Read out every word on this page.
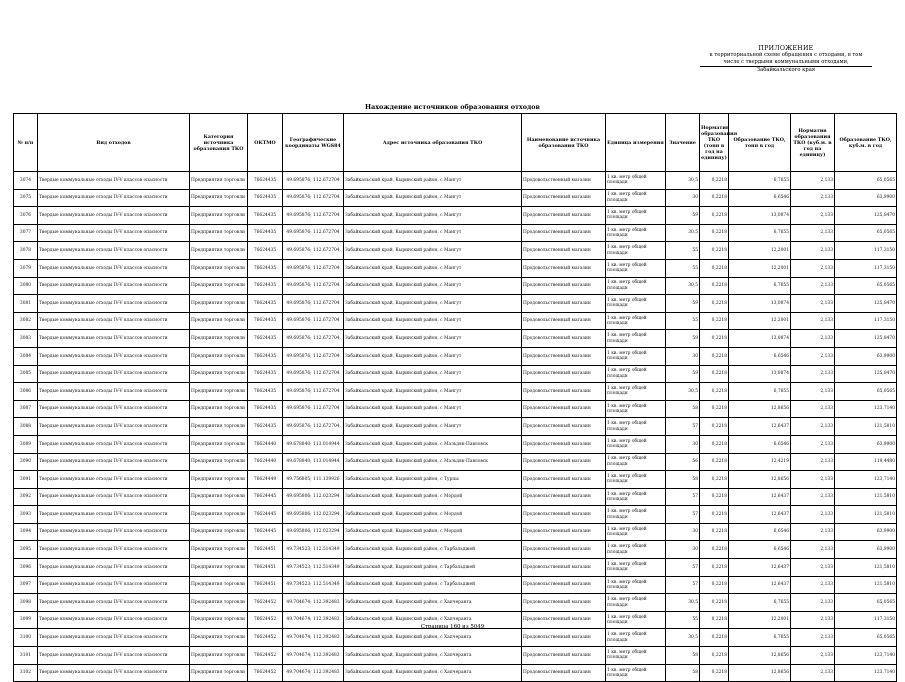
ПРИЛОЖЕНИЕ
к территориальной схеме обращения с отходами, в том
числе с твердыми коммунальными отходами,
Забайкальского края
Нахождение источников образования отходов
№ п/п	Вид отходов	Категория источника образования ТКО	OKTMO	Географические координаты WGS84	Адрес источника образования ТКО	Наименование источника образования ТКО	Единица измерения	Значение	Норматив образования ТКО (тонн в год на единицу)	Образование ТКО, тонн в год	Норматив образования ТКО (куб.м. в год на единицу)	Образование ТКО, куб.м. в год
3074	Твердые коммунальные отходы IV-V классов опасности	Предприятия торговли	76624435	49.695876; 112.672704	Забайкальский край, Кыринский район, с Мангут	Продовольственный магазин	1 кв. метр общей площади	30,5	0,2218	6,7655	2,133	65,0565
3075	Твердые коммунальные отходы IV-V классов опасности	Предприятия торговли	76624435	49.695876; 112.672704	Забайкальский край, Кыринский район, с Мангут	Продовольственный магазин	1 кв. метр общей площади	30	0,2218	6,6546	2,133	63,9900
3076	Твердые коммунальные отходы IV-V классов опасности	Предприятия торговли	76624435	49.695876; 112.672704	Забайкальский край, Кыринский район, с Мангут	Продовольственный магазин	1 кв. метр общей площади	59	0,2218	13,0874	2,133	125,8470
3077	Твердые коммунальные отходы IV-V классов опасности	Предприятия торговли	76624435	49.695876; 112.672704	Забайкальский край, Кыринский район, с Мангут	Продовольственный магазин	1 кв. метр общей площади	30,5	0,2218	6,7655	2,133	65,0565
3078	Твердые коммунальные отходы IV-V классов опасности	Предприятия торговли	76624435	49.695876; 112.672704	Забайкальский край, Кыринский район, с Мангут	Продовольственный магазин	1 кв. метр общей площади	55	0,2218	12,2001	2,133	117,3150
3079	Твердые коммунальные отходы IV-V классов опасности	Предприятия торговли	76624435	49.695876; 112.672704	Забайкальский край, Кыринский район, с Мангут	Продовольственный магазин	1 кв. метр общей площади	55	0,2218	12,2001	2,133	117,3150
3080	Твердые коммунальные отходы IV-V классов опасности	Предприятия торговли	76624435	49.695876; 112.672704	Забайкальский край, Кыринский район, с Мангут	Продовольственный магазин	1 кв. метр общей площади	30,5	0,2218	6,7655	2,133	65,0565
3081	Твердые коммунальные отходы IV-V классов опасности	Предприятия торговли	76624435	49.695876; 112.672704	Забайкальский край, Кыринский район, с Мангут	Продовольственный магазин	1 кв. метр общей площади	59	0,2218	13,0874	2,133	125,8470
3082	Твердые коммунальные отходы IV-V классов опасности	Предприятия торговли	76624435	49.695876; 112.672704	Забайкальский край, Кыринский район, с Мангут	Продовольственный магазин	1 кв. метр общей площади	55	0,2218	12,2001	2,133	117,3150
3083	Твердые коммунальные отходы IV-V классов опасности	Предприятия торговли	76624435	49.695876; 112.672704	Забайкальский край, Кыринский район, с Мангут	Продовольственный магазин	1 кв. метр общей площади	59	0,2218	13,0874	2,133	125,8470
3084	Твердые коммунальные отходы IV-V классов опасности	Предприятия торговли	76624435	49.695876; 112.672704	Забайкальский край, Кыринский район, с Мангут	Продовольственный магазин	1 кв. метр общей площади	30	0,2218	6,6546	2,133	63,9900
3085	Твердые коммунальные отходы IV-V классов опасности	Предприятия торговли	76624435	49.695876; 112.672704	Забайкальский край, Кыринский район, с Мангут	Продовольственный магазин	1 кв. метр общей площади	59	0,2218	13,0874	2,133	125,8470
3086	Твердые коммунальные отходы IV-V классов опасности	Предприятия торговли	76624435	49.695876; 112.672704	Забайкальский край, Кыринский район, с Мангут	Продовольственный магазин	1 кв. метр общей площади	30,5	0,2218	6,7655	2,133	65,0565
3087	Твердые коммунальные отходы IV-V классов опасности	Предприятия торговли	76624435	49.695876; 112.672704	Забайкальский край, Кыринский район, с Мангут	Продовольственный магазин	1 кв. метр общей площади	58	0,2218	12,8656	2,133	123,7140
3088	Твердые коммунальные отходы IV-V классов опасности	Предприятия торговли	76624435	49.695876; 112.672704	Забайкальский край, Кыринский район, с Мангут	Продовольственный магазин	1 кв. метр общей площади	57	0,2218	12,6437	2,133	121,5810
3089	Твердые коммунальные отходы IV-V классов опасности	Предприятия торговли	76624440	49.678840; 113.014944	Забайкальский край, Кыринский район, с Мальдяк-Павловск	Продовольственный магазин	1 кв. метр общей площади	30	0,2218	6,6546	2,133	63,9900
3090	Твердые коммунальные отходы IV-V классов опасности	Предприятия торговли	76624440	49.678840; 113.014944	Забайкальский край, Кыринский район, с Мальдяк-Павловск	Продовольственный магазин	1 кв. метр общей площади	56	0,2218	12,4219	2,133	119,4480
3091	Твердые коммунальные отходы IV-V классов опасности	Предприятия торговли	76624449	49.756805; 111.139926	Забайкальский край, Кыринский район, с Турпы	Продовольственный магазин	1 кв. метр общей площади	58	0,2218	12,8656	2,133	123,7140
3092	Твердые коммунальные отходы IV-V классов опасности	Предприятия торговли	76624445	49.695806; 112.023294	Забайкальский край, Кыринский район, с Мордой	Продовольственный магазин	1 кв. метр общей площади	57	0,2218	12,6437	2,133	121,5810
3093	Твердые коммунальные отходы IV-V классов опасности	Предприятия торговли	76624445	49.695806; 112.023294	Забайкальский край, Кыринский район, с Мордой	Продовольственный магазин	1 кв. метр общей площади	57	0,2218	12,6437	2,133	121,5810
3094	Твердые коммунальные отходы IV-V классов опасности	Предприятия торговли	76624445	49.695806; 112.023294	Забайкальский край, Кыринский район, с Мордой	Продовольственный магазин	1 кв. метр общей площади	30	0,2218	6,6546	2,133	63,9900
3095	Твердые коммунальные отходы IV-V классов опасности	Предприятия торговли	76624451	49.734523; 112.514349	Забайкальский край, Кыринский район, с Тарбальджей	Продовольственный магазин	1 кв. метр общей площади	30	0,2218	6,6546	2,133	63,9900
3096	Твердые коммунальные отходы IV-V классов опасности	Предприятия торговли	76624451	49.734523; 112.514349	Забайкальский край, Кыринский район, с Тарбальджей	Продовольственный магазин	1 кв. метр общей площади	57	0,2218	12,6437	2,133	121,5810
3097	Твердые коммунальные отходы IV-V классов опасности	Предприятия торговли	76624451	49.734523; 112.514349	Забайкальский край, Кыринский район, с Тарбальджей	Продовольственный магазин	1 кв. метр общей площади	57	0,2218	12,6437	2,133	121,5810
3098	Твердые коммунальные отходы IV-V классов опасности	Предприятия торговли	76624452	49.704674; 112.392483	Забайкальский край, Кыринский район, с Хапчеранга	Продовольственный магазин	1 кв. метр общей площади	30,5	0,2218	6,7655	2,133	65,0565
3099	Твердые коммунальные отходы IV-V классов опасности	Предприятия торговли	76624452	49.704674; 112.392483	Забайкальский край, Кыринский район, с Хапчеранга	Продовольственный магазин	1 кв. метр общей площади	55	0,2218	12,2001	2,133	117,3150
3100	Твердые коммунальные отходы IV-V классов опасности	Предприятия торговли	76624452	49.704674; 112.392483	Забайкальский край, Кыринский район, с Хапчеранга	Продовольственный магазин	1 кв. метр общей площади	30,5	0,2218	6,7655	2,133	65,0565
3101	Твердые коммунальные отходы IV-V классов опасности	Предприятия торговли	76624452	49.704674; 112.392483	Забайкальский край, Кыринский район, с Хапчеранга	Продовольственный магазин	1 кв. метр общей площади	58	0,2218	12,8656	2,133	123,7140
3102	Твердые коммунальные отходы IV-V классов опасности	Предприятия торговли	76624452	49.704674; 112.392483	Забайкальский край, Кыринский район, с Хапчеранга	Продовольственный магазин	1 кв. метр общей площади	58	0,2218	12,8656	2,133	123,7140
Страница 160 из 5049
